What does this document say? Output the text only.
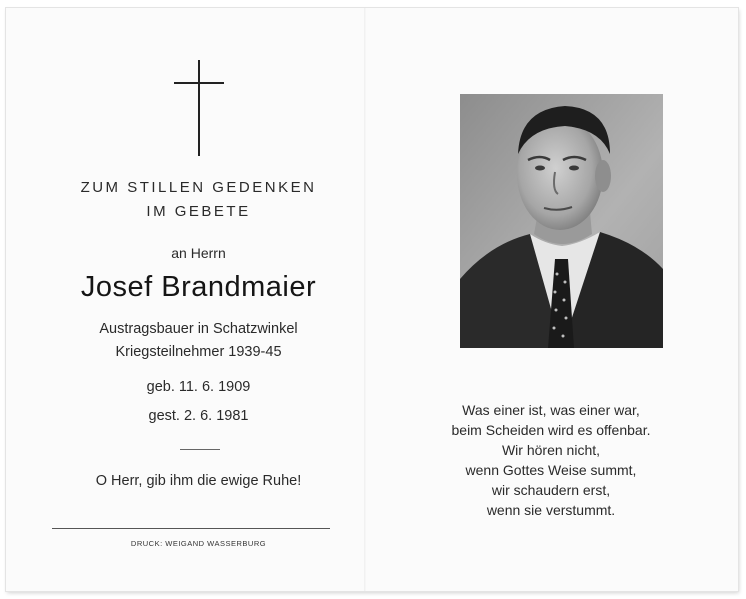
ZUM STILLEN GEDENKEN
IM GEBETE
an Herrn
Josef Brandmaier
Austragsbauer in Schatzwinkel
Kriegsteilnehmer 1939-45
geb. 11. 6. 1909
gest. 2. 6. 1981
O Herr, gib ihm die ewige Ruhe!
DRUCK: WEIGAND WASSERBURG
Was einer ist, was einer war,
beim Scheiden wird es offenbar.
Wir hören nicht,
wenn Gottes Weise summt,
wir schaudern erst,
wenn sie verstummt.
